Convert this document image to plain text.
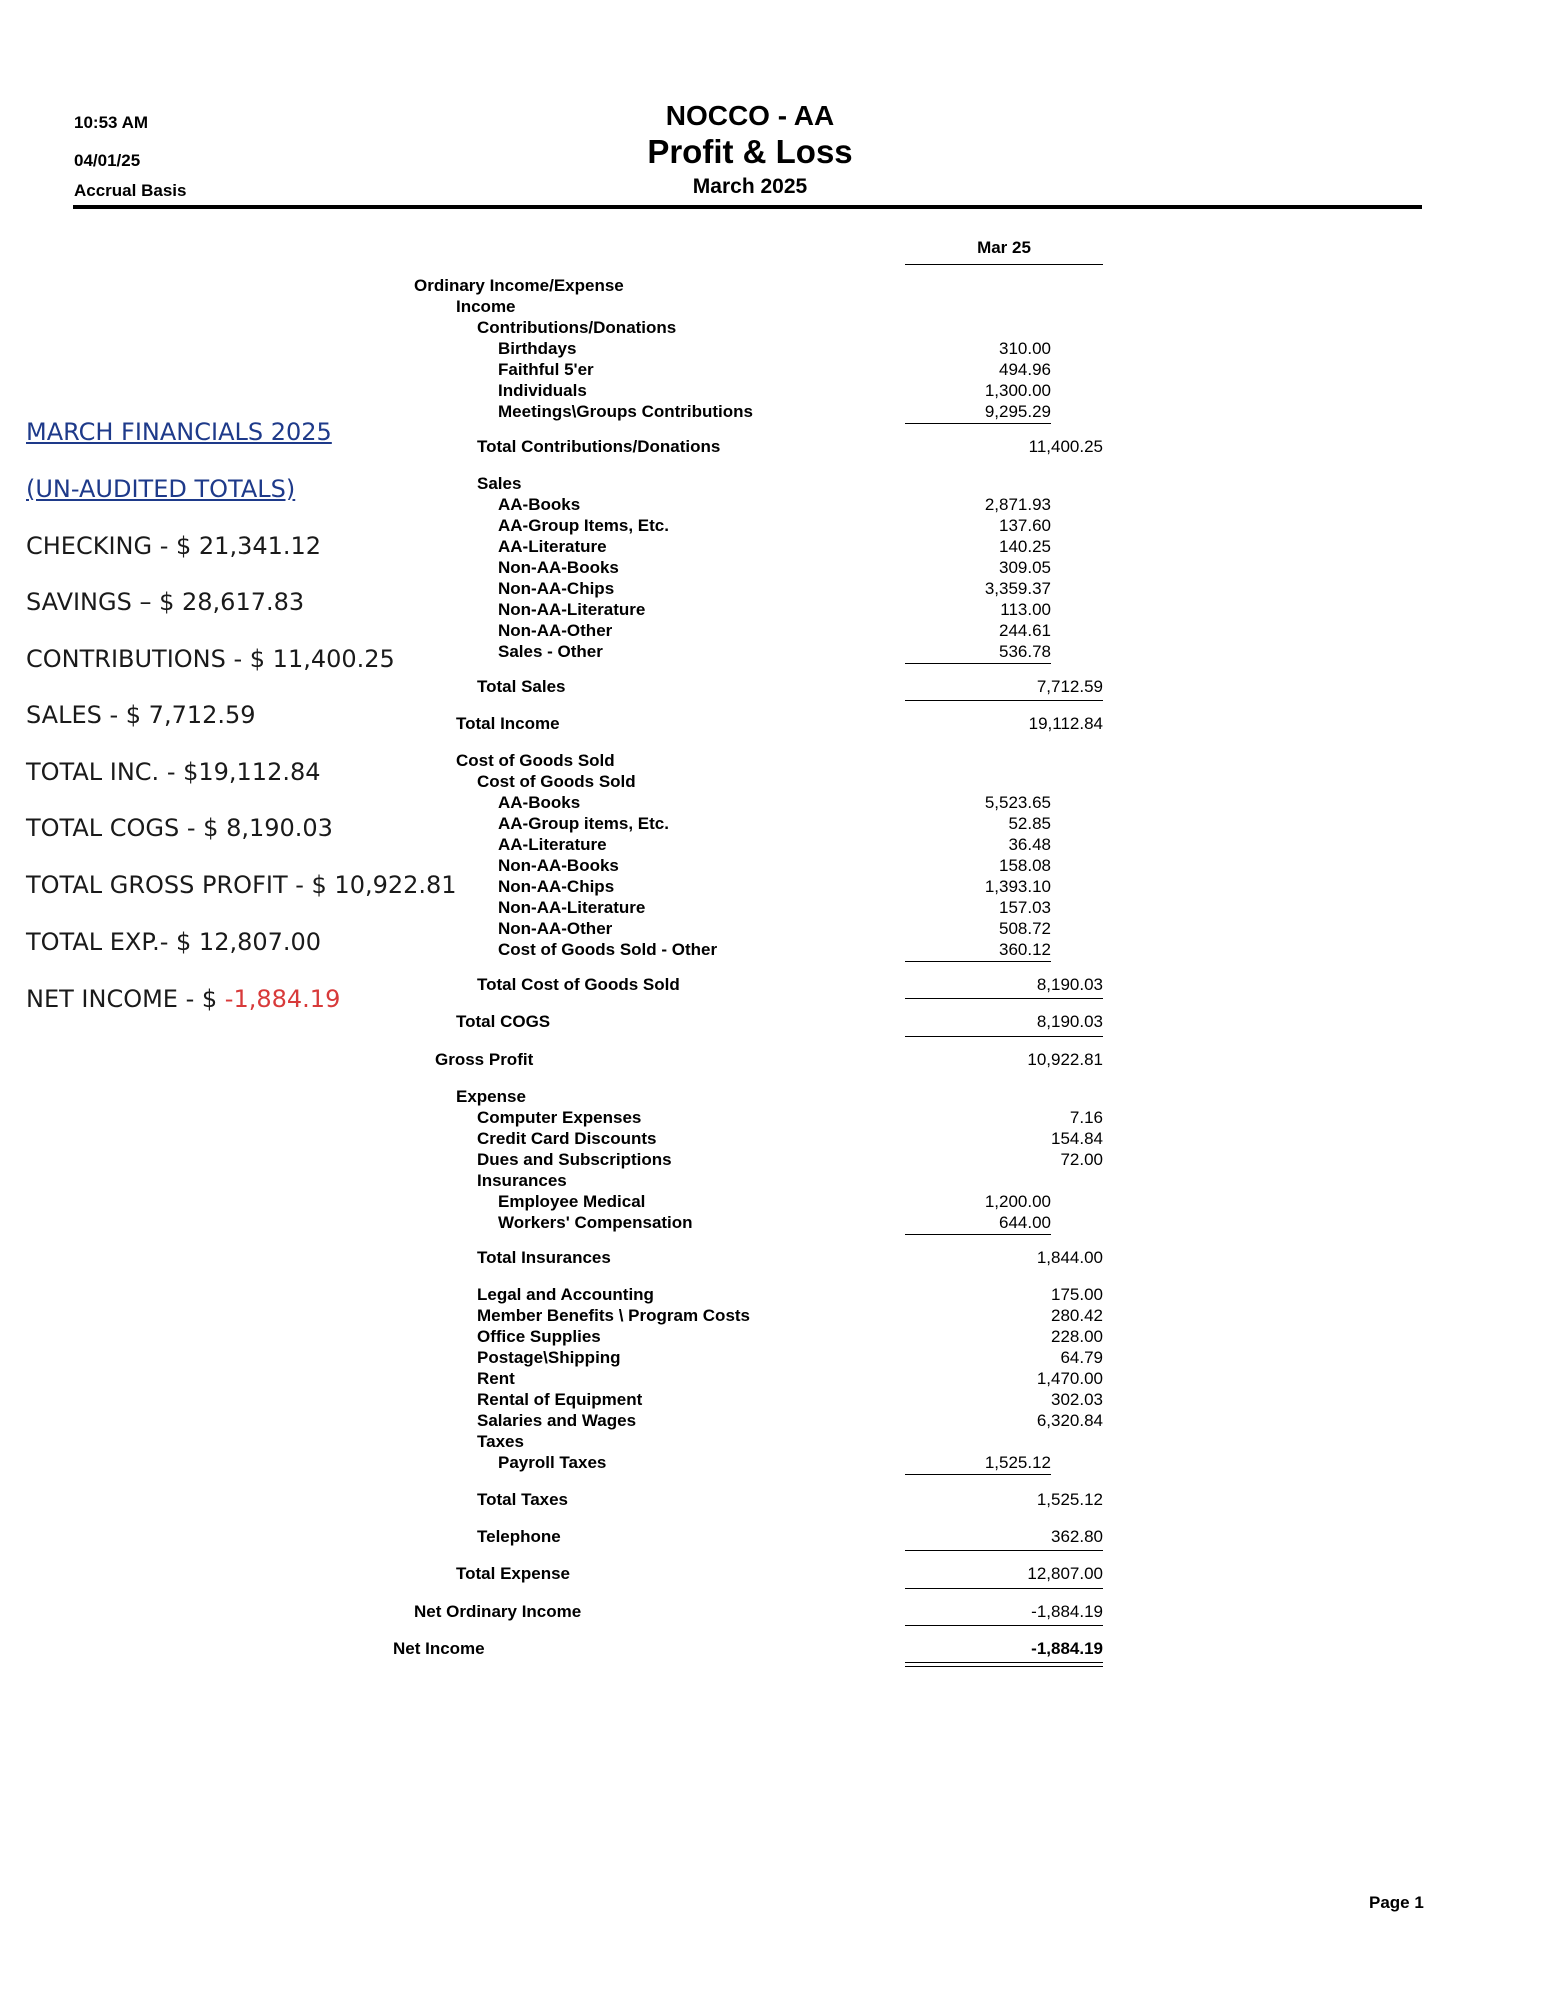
10:53 AM
04/01/25
Accrual Basis
NOCCO - AA
Profit & Loss
March 2025
Mar 25
Ordinary Income/Expense
Income
Contributions/Donations
Birthdays	310.00
Faithful 5'er	494.96
Individuals	1,300.00
Meetings\Groups Contributions	9,295.29
Total Contributions/Donations	11,400.25
Sales
AA-Books	2,871.93
AA-Group Items, Etc.	137.60
AA-Literature	140.25
Non-AA-Books	309.05
Non-AA-Chips	3,359.37
Non-AA-Literature	113.00
Non-AA-Other	244.61
Sales - Other	536.78
Total Sales	7,712.59
Total Income	19,112.84
Cost of Goods Sold
Cost of Goods Sold
AA-Books	5,523.65
AA-Group items, Etc.	52.85
AA-Literature	36.48
Non-AA-Books	158.08
Non-AA-Chips	1,393.10
Non-AA-Literature	157.03
Non-AA-Other	508.72
Cost of Goods Sold - Other	360.12
Total Cost of Goods Sold	8,190.03
Total COGS	8,190.03
Gross Profit	10,922.81
Expense
Computer Expenses	7.16
Credit Card Discounts	154.84
Dues and Subscriptions	72.00
Insurances
Employee Medical	1,200.00
Workers' Compensation	644.00
Total Insurances	1,844.00
Legal and Accounting	175.00
Member Benefits \ Program Costs	280.42
Office Supplies	228.00
Postage\Shipping	64.79
Rent	1,470.00
Rental of Equipment	302.03
Salaries and Wages	6,320.84
Taxes
Payroll Taxes	1,525.12
Total Taxes	1,525.12
Telephone	362.80
Total Expense	12,807.00
Net Ordinary Income	-1,884.19
Net Income	-1,884.19
MARCH FINANCIALS 2025
(UN-AUDITED TOTALS)
CHECKING - $ 21,341.12
SAVINGS – $ 28,617.83
CONTRIBUTIONS - $ 11,400.25
SALES - $ 7,712.59
TOTAL INC. - $19,112.84
TOTAL COGS - $ 8,190.03
TOTAL GROSS PROFIT - $ 10,922.81
TOTAL EXP.- $ 12,807.00
NET INCOME - $ -1,884.19
Page 1
